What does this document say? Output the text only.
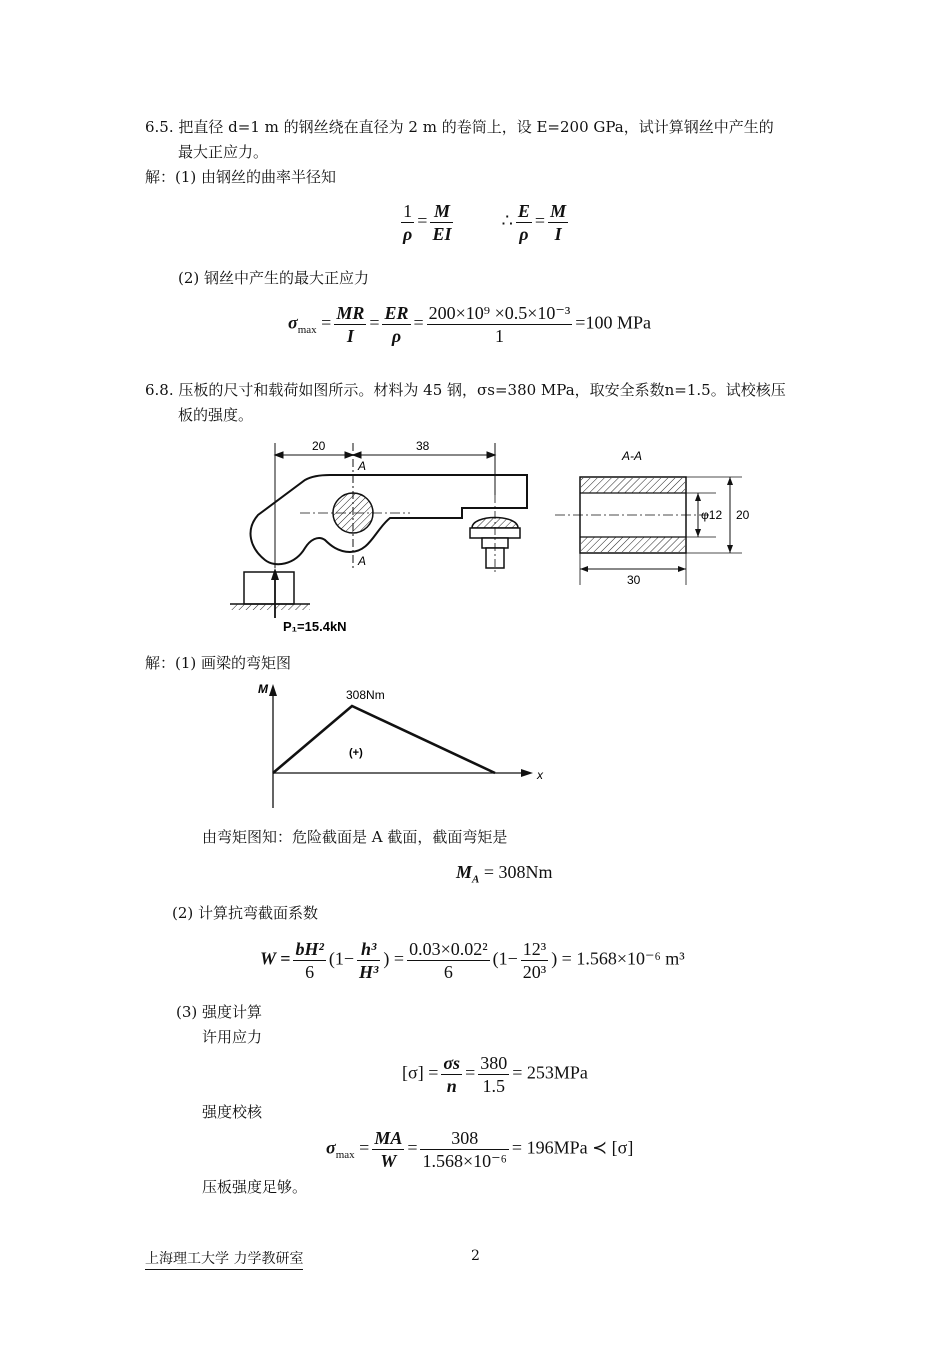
6.5. 把直径 d=1 m 的钢丝绕在直径为 2 m 的卷筒上，设 E=200 GPa，试计算钢丝中产生的
最大正应力。
解：(1) 由钢丝的曲率半径知
$\frac{1}{\rho} = \frac{M}{EI}$	∴ $\frac{E}{\rho} = \frac{M}{I}$
(2) 钢丝中产生的最大正应力
$\sigma_{max} = \frac{MR}{I} = \frac{ER}{\rho} = \frac{\text{200×10⁹ ×0.5×10⁻³}}{1} =100$ MPa
6.8. 压板的尺寸和载荷如图所示。材料为 45 钢，σs=380 MPa，取安全系数n=1.5。试校核压
板的强度。
20	38
A
A
P₁=15.4kN
A-A
φ12 20
30
解：(1) 画梁的弯矩图
M
x
308Nm
(+)
由弯矩图知：危险截面是 A 截面，截面弯矩是
$M_A = 308Nm$
(2) 计算抗弯截面系数
$W = \frac{\text{bH²}}{6} (1- \frac{\text{h³}}{\text{H³}}$ ) = $\frac{\text{0.03×0.02²}}{6} (1- \frac{\text{12³}}{\text{20³}}$ ) = 1.568×10⁻⁶ m³
(3) 强度计算
许用应力
$[\sigma] = \frac{\sigma s}{n} = \frac{380}{1.5} = 253MPa$
强度校核
$\sigma_{max} = \frac{MA}{W} = \frac{308}{\text{1.568×10⁻⁶}} = 196MPa$ ≺ [σ]
压板强度足够。
上海理工大学 力学教研室	2
